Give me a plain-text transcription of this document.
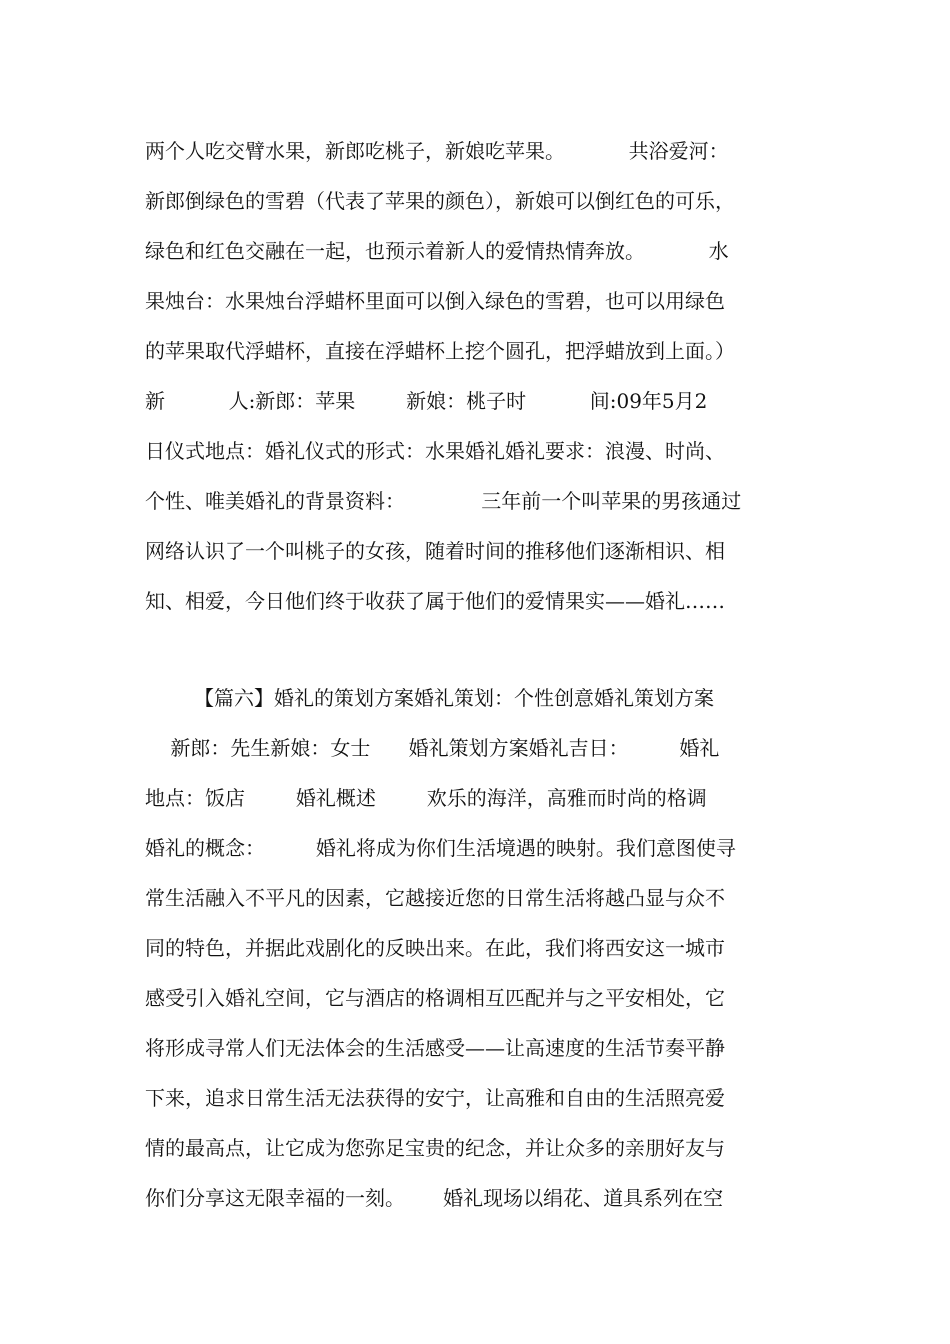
两个人吃交臂水果，新郎吃桃子，新娘吃苹果。          共浴爱河：
新郎倒绿色的雪碧（代表了苹果的颜色），新娘可以倒红色的可乐，
绿色和红色交融在一起，也预示着新人的爱情热情奔放。          水
果烛台：水果烛台浮蜡杯里面可以倒入绿色的雪碧，也可以用绿色
的苹果取代浮蜡杯，直接在浮蜡杯上挖个圆孔，把浮蜡放到上面。）
新          人:新郎：苹果        新娘：桃子时          间:09年5月2
日仪式地点：婚礼仪式的形式：水果婚礼婚礼要求：浪漫、时尚、
个性、唯美婚礼的背景资料：            三年前一个叫苹果的男孩通过
网络认识了一个叫桃子的女孩，随着时间的推移他们逐渐相识、相
知、相爱，今日他们终于收获了属于他们的爱情果实——婚礼……
【篇六】婚礼的策划方案婚礼策划：个性创意婚礼策划方案
新郎：先生新娘：女士      婚礼策划方案婚礼吉日：        婚礼
地点：饭店        婚礼概述        欢乐的海洋，高雅而时尚的格调
婚礼的概念：        婚礼将成为你们生活境遇的映射。我们意图使寻
常生活融入不平凡的因素，它越接近您的日常生活将越凸显与众不
同的特色，并据此戏剧化的反映出来。在此，我们将西安这一城市
感受引入婚礼空间，它与酒店的格调相互匹配并与之平安相处，它
将形成寻常人们无法体会的生活感受——让高速度的生活节奏平静
下来，追求日常生活无法获得的安宁，让高雅和自由的生活照亮爱
情的最高点，让它成为您弥足宝贵的纪念，并让众多的亲朋好友与
你们分享这无限幸福的一刻。      婚礼现场以绢花、道具系列在空
